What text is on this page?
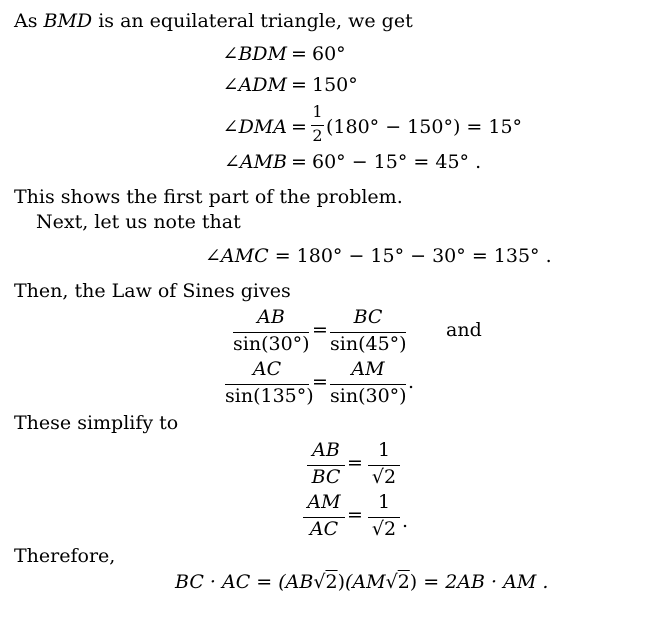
As BMD is an equilateral triangle, we get
∠BDM = 60°
∠ADM = 150°
∠DMA =
1
2 (180° − 150°) = 15°
∠AMB = 60° − 15° = 45° .
This shows the first part of the problem.
Next, let us note that
∠AMC = 180° − 15° − 30° = 135° .
Then, the Law of Sines gives
AB
sin(30°)
=
BC
sin(45°)
and
AC
sin(135°)
=
AM
sin(30°)
.
These simplify to
AB
BC
=
1
√2
AM
AC
=
1
√2 .
Therefore,
BC · AC = (AB√2)(AM√2) = 2AB · AM .
